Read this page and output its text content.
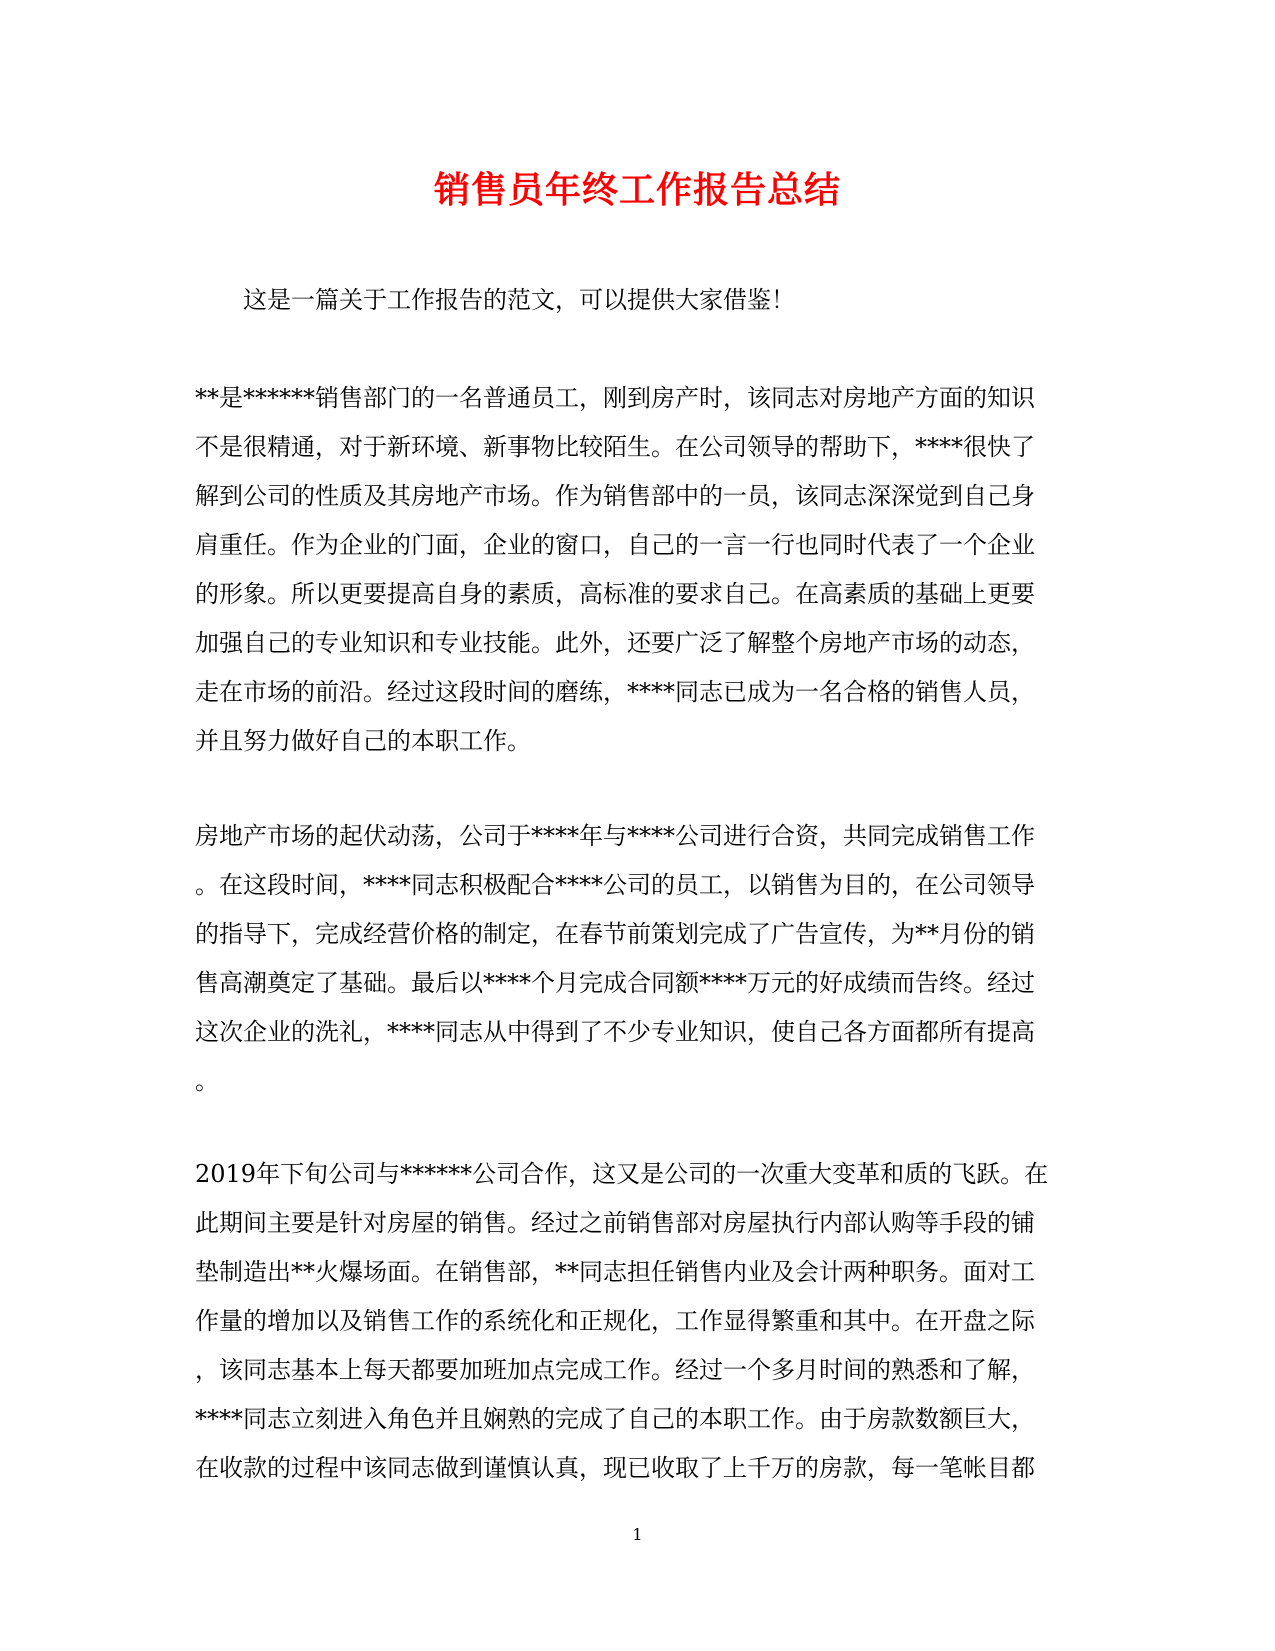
销售员年终工作报告总结
这是一篇关于工作报告的范文，可以提供大家借鉴！
**是******销售部门的一名普通员工，刚到房产时，该同志对房地产方面的知识
不是很精通，对于新环境、新事物比较陌生。在公司领导的帮助下，****很快了
解到公司的性质及其房地产市场。作为销售部中的一员，该同志深深觉到自己身
肩重任。作为企业的门面，企业的窗口，自己的一言一行也同时代表了一个企业
的形象。所以更要提高自身的素质，高标准的要求自己。在高素质的基础上更要
加强自己的专业知识和专业技能。此外，还要广泛了解整个房地产市场的动态，
走在市场的前沿。经过这段时间的磨练，****同志已成为一名合格的销售人员，
并且努力做好自己的本职工作。
房地产市场的起伏动荡，公司于****年与****公司进行合资，共同完成销售工作
。在这段时间，****同志积极配合****公司的员工，以销售为目的，在公司领导
的指导下，完成经营价格的制定，在春节前策划完成了广告宣传，为**月份的销
售高潮奠定了基础。最后以****个月完成合同额****万元的好成绩而告终。经过
这次企业的洗礼，****同志从中得到了不少专业知识，使自己各方面都所有提高
。
2019年下旬公司与******公司合作，这又是公司的一次重大变革和质的飞跃。在
此期间主要是针对房屋的销售。经过之前销售部对房屋执行内部认购等手段的铺
垫制造出**火爆场面。在销售部，**同志担任销售内业及会计两种职务。面对工
作量的增加以及销售工作的系统化和正规化，工作显得繁重和其中。在开盘之际
，该同志基本上每天都要加班加点完成工作。经过一个多月时间的熟悉和了解，
****同志立刻进入角色并且娴熟的完成了自己的本职工作。由于房款数额巨大，
在收款的过程中该同志做到谨慎认真，现已收取了上千万的房款，每一笔帐目都
1
